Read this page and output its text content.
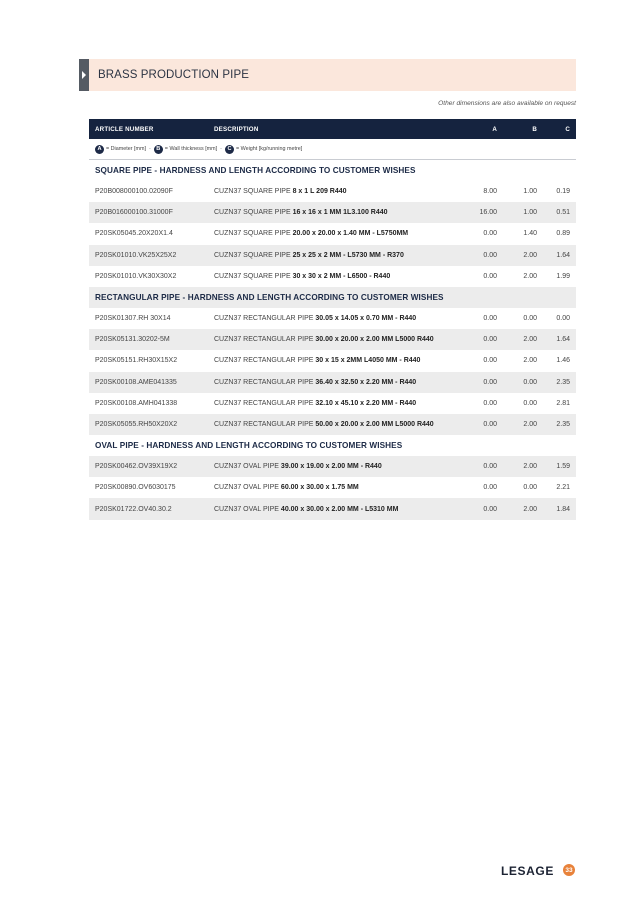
BRASS PRODUCTION PIPE
Other dimensions are also available on request
ARTICLE NUMBER	DESCRIPTION	A	B	C
A = Diameter [mm] - B = Wall thickness [mm] - C = Weight [kg/running metre]
SQUARE PIPE - HARDNESS AND LENGTH ACCORDING TO CUSTOMER WISHES
P20B008000100.02090F	CUZN37 SQUARE PIPE 8 x 1 L 209 R440	8.00	1.00	0.19
P20B016000100.31000F	CUZN37 SQUARE PIPE 16 x 16 x 1 MM 1L3.100 R440	16.00	1.00	0.51
P20SK05045.20X20X1.4	CUZN37 SQUARE PIPE 20.00 x 20.00 x 1.40 MM - L5750MM	0.00	1.40	0.89
P20SK01010.VK25X25X2	CUZN37 SQUARE PIPE 25 x 25 x 2 MM - L5730 MM - R370	0.00	2.00	1.64
P20SK01010.VK30X30X2	CUZN37 SQUARE PIPE 30 x 30 x 2 MM - L6500 - R440	0.00	2.00	1.99
RECTANGULAR PIPE - HARDNESS AND LENGTH ACCORDING TO CUSTOMER WISHES
P20SK01307.RH 30X14	CUZN37 RECTANGULAR PIPE 30.05 x 14.05 x 0.70 MM - R440	0.00	0.00	0.00
P20SK05131.30202-5M	CUZN37 RECTANGULAR PIPE 30.00 x 20.00 x 2.00 MM L5000 R440	0.00	2.00	1.64
P20SK05151.RH30X15X2	CUZN37 RECTANGULAR PIPE 30 x 15 x 2MM L4050 MM - R440	0.00	2.00	1.46
P20SK00108.AME041335	CUZN37 RECTANGULAR PIPE 36.40 x 32.50 x 2.20 MM - R440	0.00	0.00	2.35
P20SK00108.AMH041338	CUZN37 RECTANGULAR PIPE 32.10 x 45.10 x 2.20 MM - R440	0.00	0.00	2.81
P20SK05055.RH50X20X2	CUZN37 RECTANGULAR PIPE 50.00 x 20.00 x 2.00 MM L5000 R440	0.00	2.00	2.35
OVAL PIPE - HARDNESS AND LENGTH ACCORDING TO CUSTOMER WISHES
P20SK00462.OV39X19X2	CUZN37 OVAL PIPE 39.00 x 19.00 x 2.00 MM - R440	0.00	2.00	1.59
P20SK00890.OV6030175	CUZN37 OVAL PIPE 60.00 x 30.00 x 1.75 MM	0.00	0.00	2.21
P20SK01722.OV40.30.2	CUZN37 OVAL PIPE 40.00 x 30.00 x 2.00 MM - L5310 MM	0.00	2.00	1.84
LESAGE	33
